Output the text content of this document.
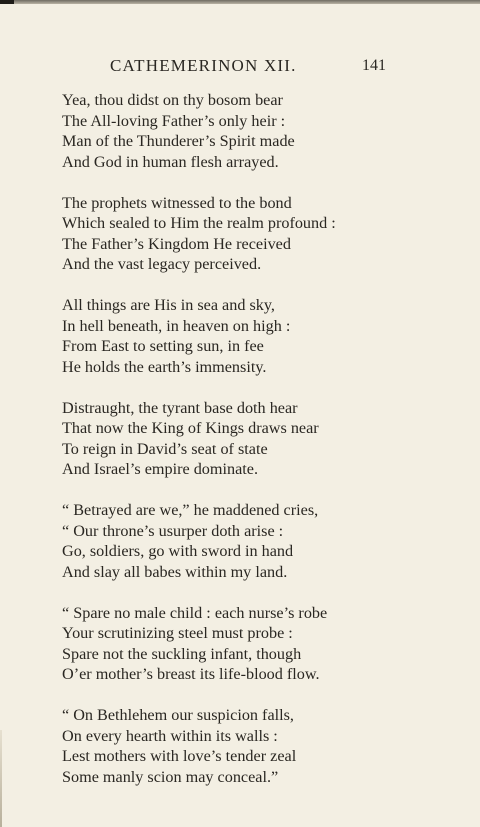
CATHEMERINON XII.	141
Yea, thou didst on thy bosom bear
The All-loving Father’s only heir :
Man of the Thunderer’s Spirit made
And God in human flesh arrayed.
The prophets witnessed to the bond
Which sealed to Him the realm profound :
The Father’s Kingdom He received
And the vast legacy perceived.
All things are His in sea and sky,
In hell beneath, in heaven on high :
From East to setting sun, in fee
He holds the earth’s immensity.
Distraught, the tyrant base doth hear
That now the King of Kings draws near
To reign in David’s seat of state
And Israel’s empire dominate.
“ Betrayed are we,” he maddened cries,
“ Our throne’s usurper doth arise :
Go, soldiers, go with sword in hand
And slay all babes within my land.
“ Spare no male child : each nurse’s robe
Your scrutinizing steel must probe :
Spare not the suckling infant, though
O’er mother’s breast its life-blood flow.
“ On Bethlehem our suspicion falls,
On every hearth within its walls :
Lest mothers with love’s tender zeal
Some manly scion may conceal.”
